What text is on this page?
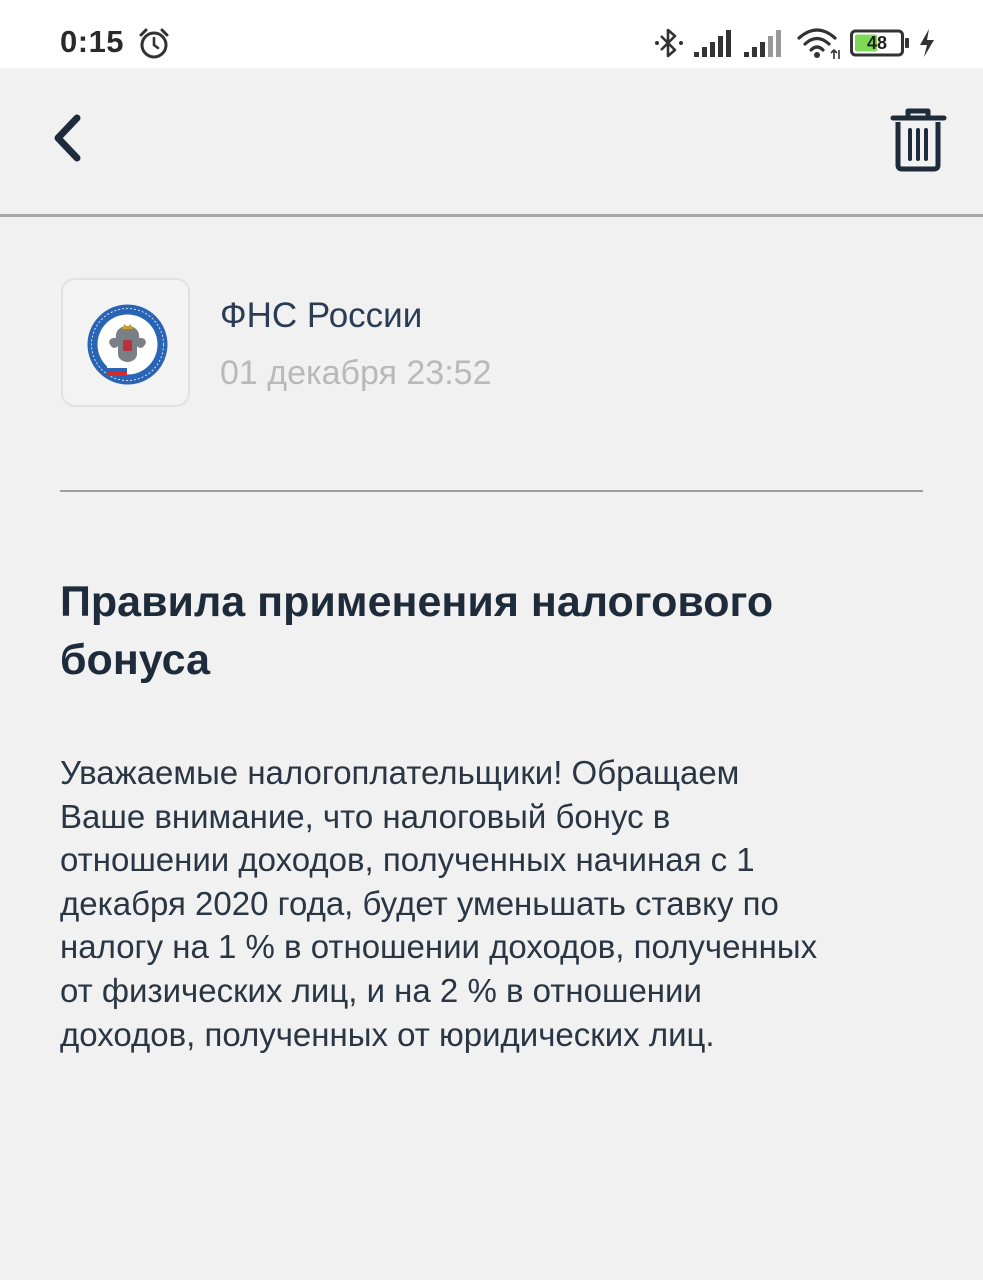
0:15	48
ФНС России
01 декабря 23:52
Правила применения налогового бонуса

Уважаемые налогоплательщики! Обращаем
Ваше внимание, что налоговый бонус в
отношении доходов, полученных начиная с 1
декабря 2020 года, будет уменьшать ставку по
налогу на 1 % в отношении доходов, полученных
от физических лиц, и на 2 % в отношении
доходов, полученных от юридических лиц.
